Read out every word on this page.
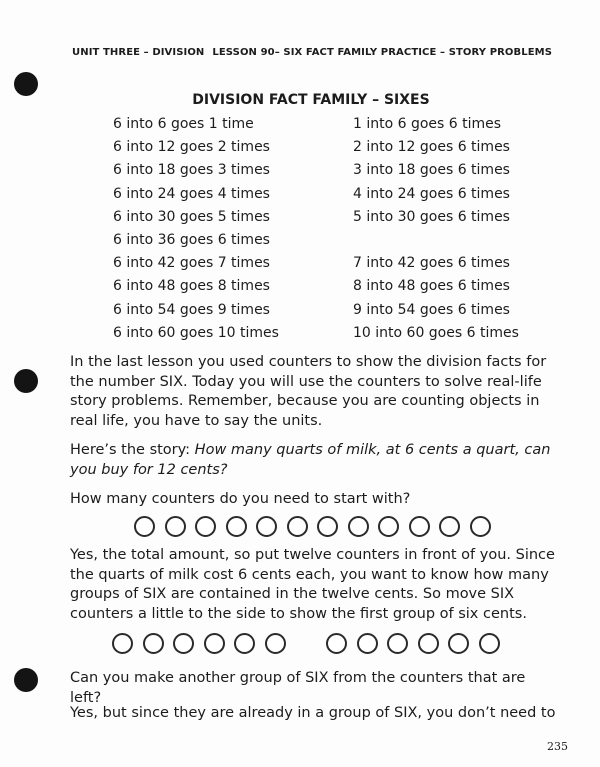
UNIT THREE – DIVISION LESSON 90– SIX FACT FAMILY PRACTICE – STORY PROBLEMS
DIVISION FACT FAMILY – SIXES
6 into 6 goes 1 time
6 into 12 goes 2 times
6 into 18 goes 3 times
6 into 24 goes 4 times
6 into 30 goes 5 times
6 into 36 goes 6 times
6 into 42 goes 7 times
6 into 48 goes 8 times
6 into 54 goes 9 times
6 into 60 goes 10 times
1 into 6 goes 6 times
2 into 12 goes 6 times
3 into 18 goes 6 times
4 into 24 goes 6 times
5 into 30 goes 6 times
7 into 42 goes 6 times
8 into 48 goes 6 times
9 into 54 goes 6 times
10 into 60 goes 6 times
In the last lesson you used counters to show the division facts for the number SIX. Today you will use the counters to solve real-life story problems. Remember, because you are counting objects in real life, you have to say the units.
Here’s the story: How many quarts of milk, at 6 cents a quart, can you buy for 12 cents?
How many counters do you need to start with?
Yes, the total amount, so put twelve counters in front of you. Since the quarts of milk cost 6 cents each, you want to know how many groups of SIX are contained in the twelve cents. So move SIX counters a little to the side to show the first group of six cents.
Can you make another group of SIX from the counters that are left?
Yes, but since they are already in a group of SIX, you don’t need to
235
